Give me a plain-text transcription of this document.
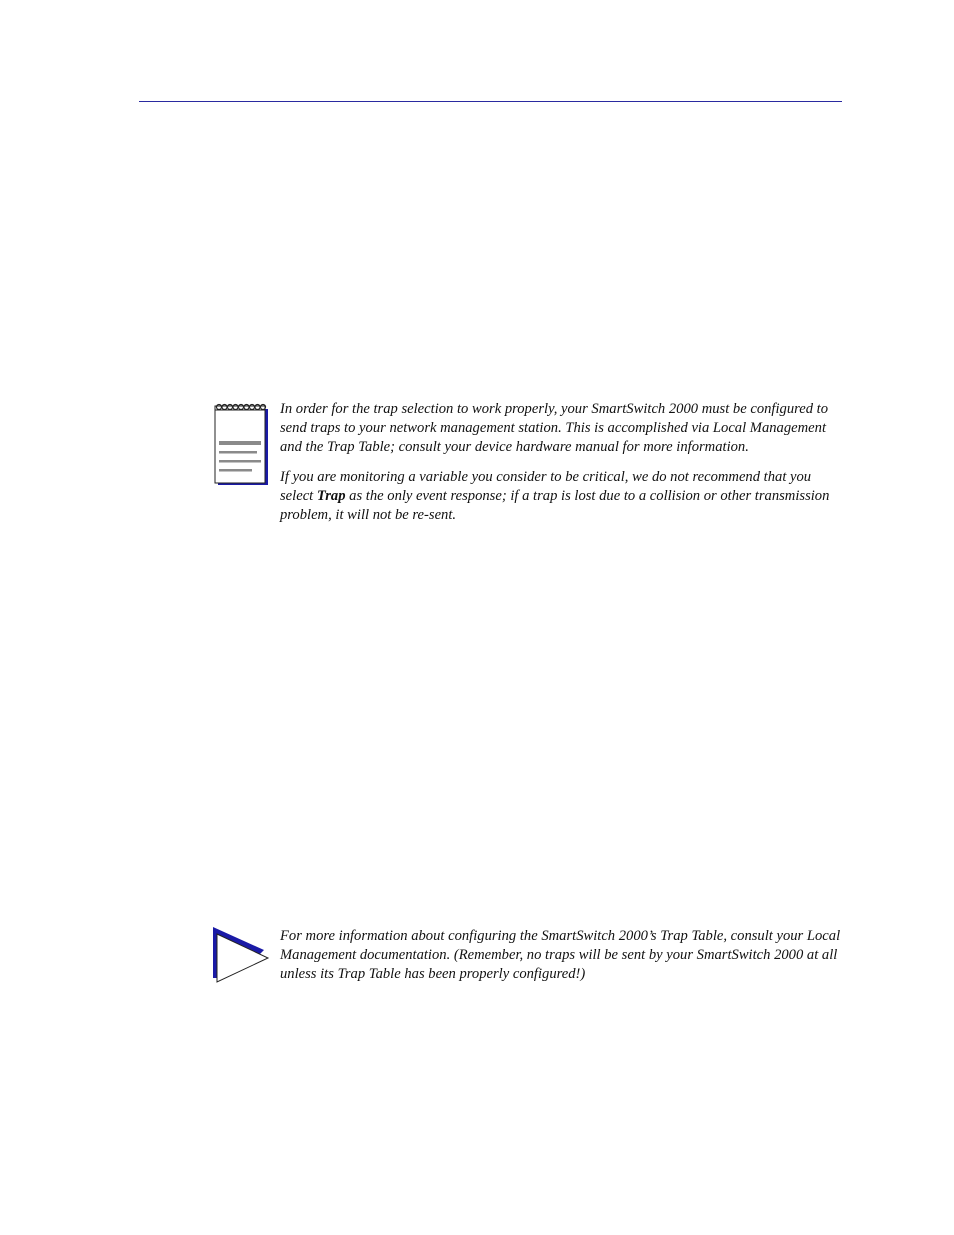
In order for the trap selection to work properly, your SmartSwitch 2000 must be configured to send traps to your network management station. This is accomplished via Local Management and the Trap Table; consult your device hardware manual for more information.

If you are monitoring a variable you consider to be critical, we do not recommend that you select Trap as the only event response; if a trap is lost due to a collision or other transmission problem, it will not be re-sent.

For more information about configuring the SmartSwitch 2000’s Trap Table, consult your Local Management documentation. (Remember, no traps will be sent by your SmartSwitch 2000 at all unless its Trap Table has been properly configured!)
